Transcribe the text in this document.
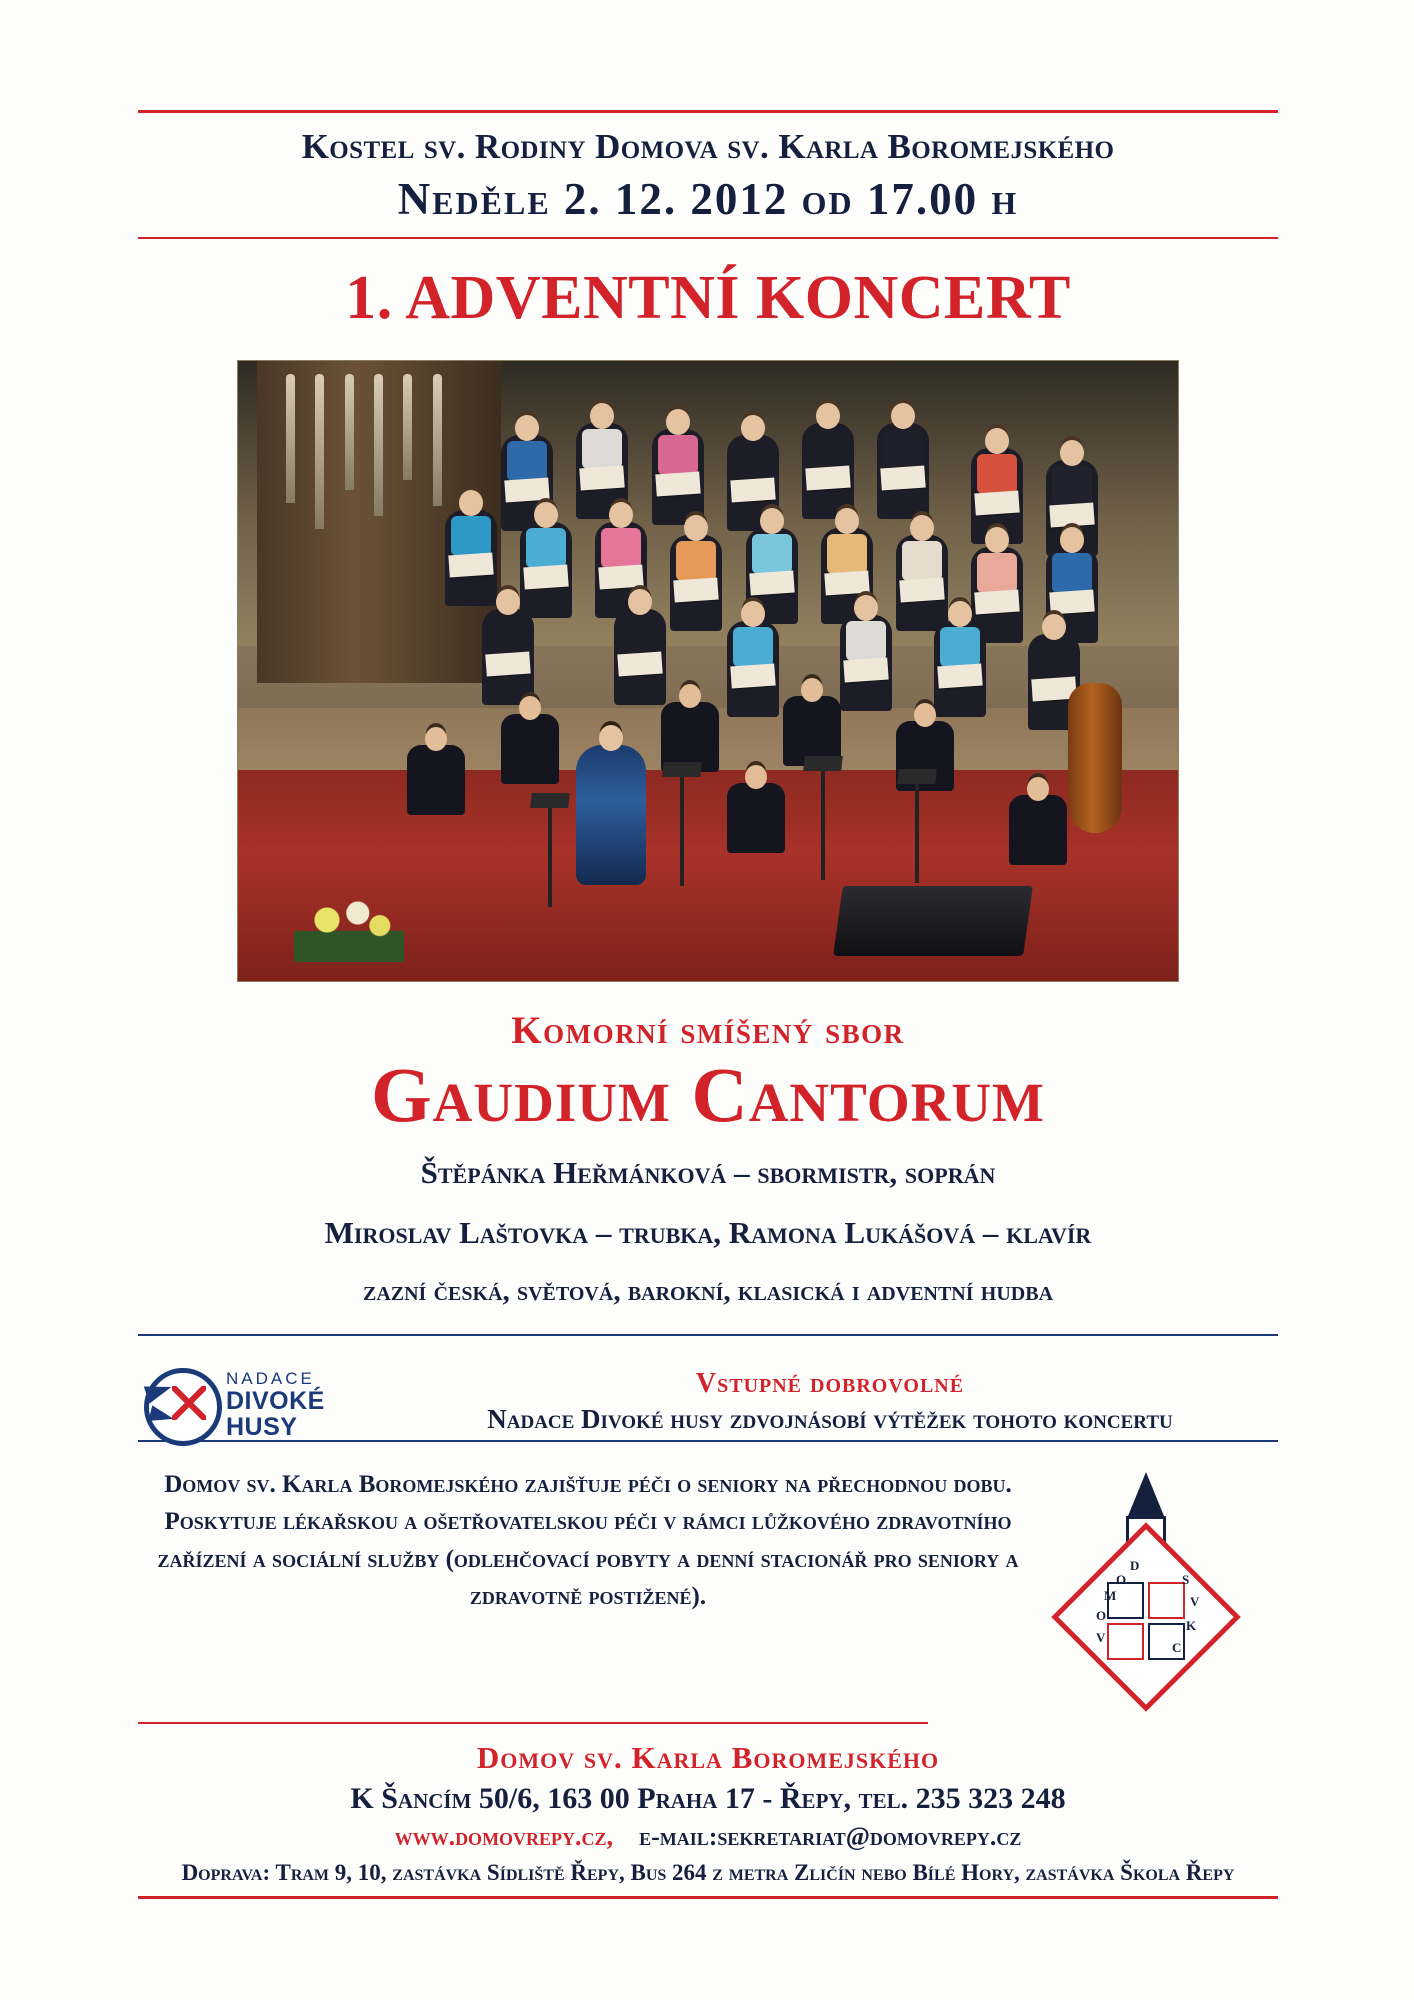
Kostel sv. Rodiny Domova sv. Karla Boromejského
Neděle 2. 12. 2012 od 17.00 h
1. ADVENTNÍ KONCERT
Komorní smíšený sbor
Gaudium Cantorum
Štěpánka Heřmánková – sbormistr, soprán
Miroslav Laštovka – trubka, Ramona Lukášová – klavír
zazní česká, světová, barokní, klasická i adventní hudba
NADACE
DIVOKÉ
HUSY
Vstupné dobrovolné
Nadace Divoké husy zdvojnásobí výtěžek tohoto koncertu
Domov sv. Karla Boromejského zajišťuje péči o seniory na přechodnou dobu. Poskytuje lékařskou a ošetřovatelskou péči v rámci lůžkového zdravotního zařízení a sociální služby (odlehčovací pobyty a denní stacionář pro seniory a zdravotně postižené).
D
O
M
O
V
S
V
K
C
Domov sv. Karla Boromejského
K Šancím 50/6, 163 00 Praha 17 - Řepy, tel. 235 323 248
www.domovrepy.cz, e-mail:sekretariat@domovrepy.cz
Doprava: Tram 9, 10, zastávka Sídliště Řepy, Bus 264 z metra Zličín nebo Bílé Hory, zastávka Škola Řepy
